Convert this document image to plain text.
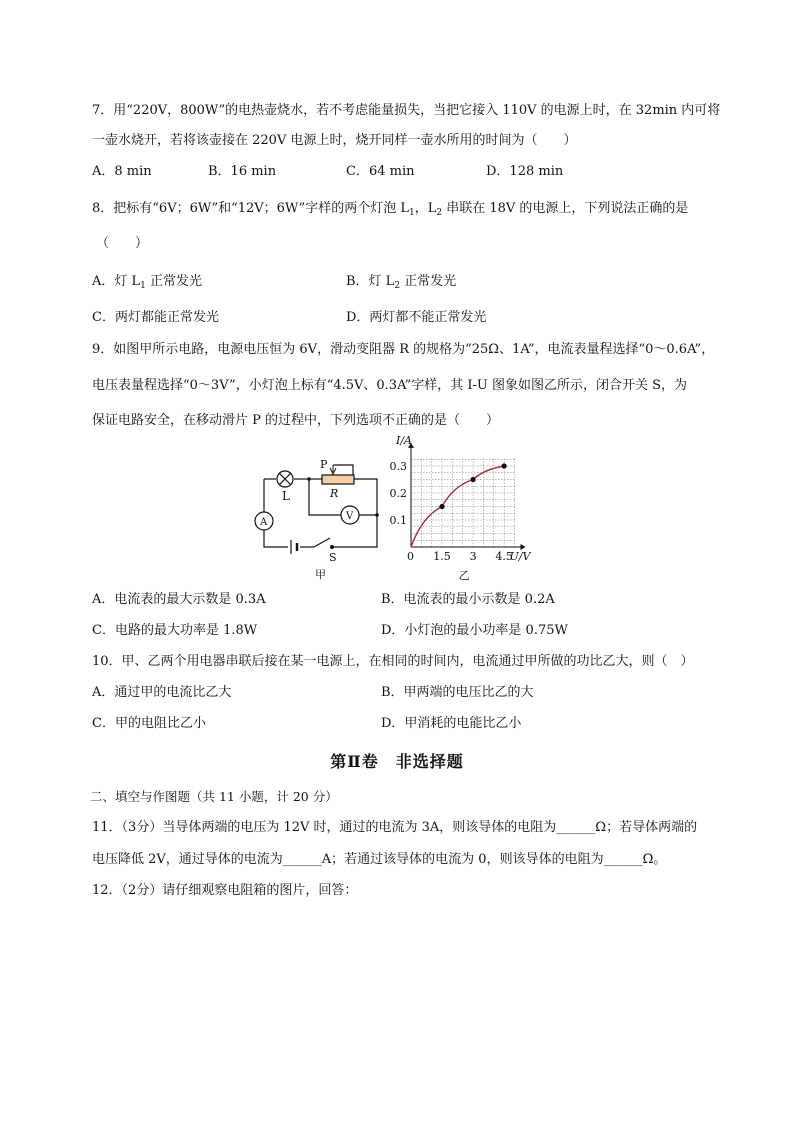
7．用“220V，800W”的电热壶烧水，若不考虑能量损失，当把它接入 110V 的电源上时，在 32min 内可将
一壶水烧开，若将该壶接在 220V 电源上时，烧开同样一壶水所用的时间为（　　）
A．8 min	B．16 min	C．64 min	D．128 min
8．把标有“6V；6W”和“12V；6W”字样的两个灯泡 $L_1$，$L_2$ 串联在 18V 的电源上，下列说法正确的是
（　　）
A．灯 $L_1$ 正常发光	B．灯 $L_2$ 正常发光
C．两灯都能正常发光	D．两灯都不能正常发光
9．如图甲所示电路，电源电压恒为 6V，滑动变阻器 R 的规格为“25Ω、1A”，电流表量程选择“0～0.6A”，
电压表量程选择“0～3V”，小灯泡上标有“4.5V、0.3A”字样，其 I-U 图象如图乙所示，闭合开关 S，为
保证电路安全，在移动滑片 P 的过程中，下列选项不正确的是（　　）
L
P
R
A
V
S
甲
1.5 3 4.5
0.1
0.2
0.3
I/A
U/V
0
乙
A．电流表的最大示数是 0.3A	B．电流表的最小示数是 0.2A
C．电路的最大功率是 1.8W	D．小灯泡的最小功率是 0.75W
10．甲、乙两个用电器串联后接在某一电源上，在相同的时间内，电流通过甲所做的功比乙大，则（　）
A．通过甲的电流比乙大	B．甲两端的电压比乙的大
C．甲的电阻比乙小	D．甲消耗的电能比乙小
第Ⅱ卷　非选择题
二、填空与作图题（共 11 小题，计 20 分）
11．（3分）当导体两端的电压为 12V 时，通过的电流为 3A，则该导体的电阻为______Ω；若导体两端的
电压降低 2V，通过导体的电流为______A；若通过该导体的电流为 0，则该导体的电阻为______Ω。
12．（2分）请仔细观察电阻箱的图片，回答：
